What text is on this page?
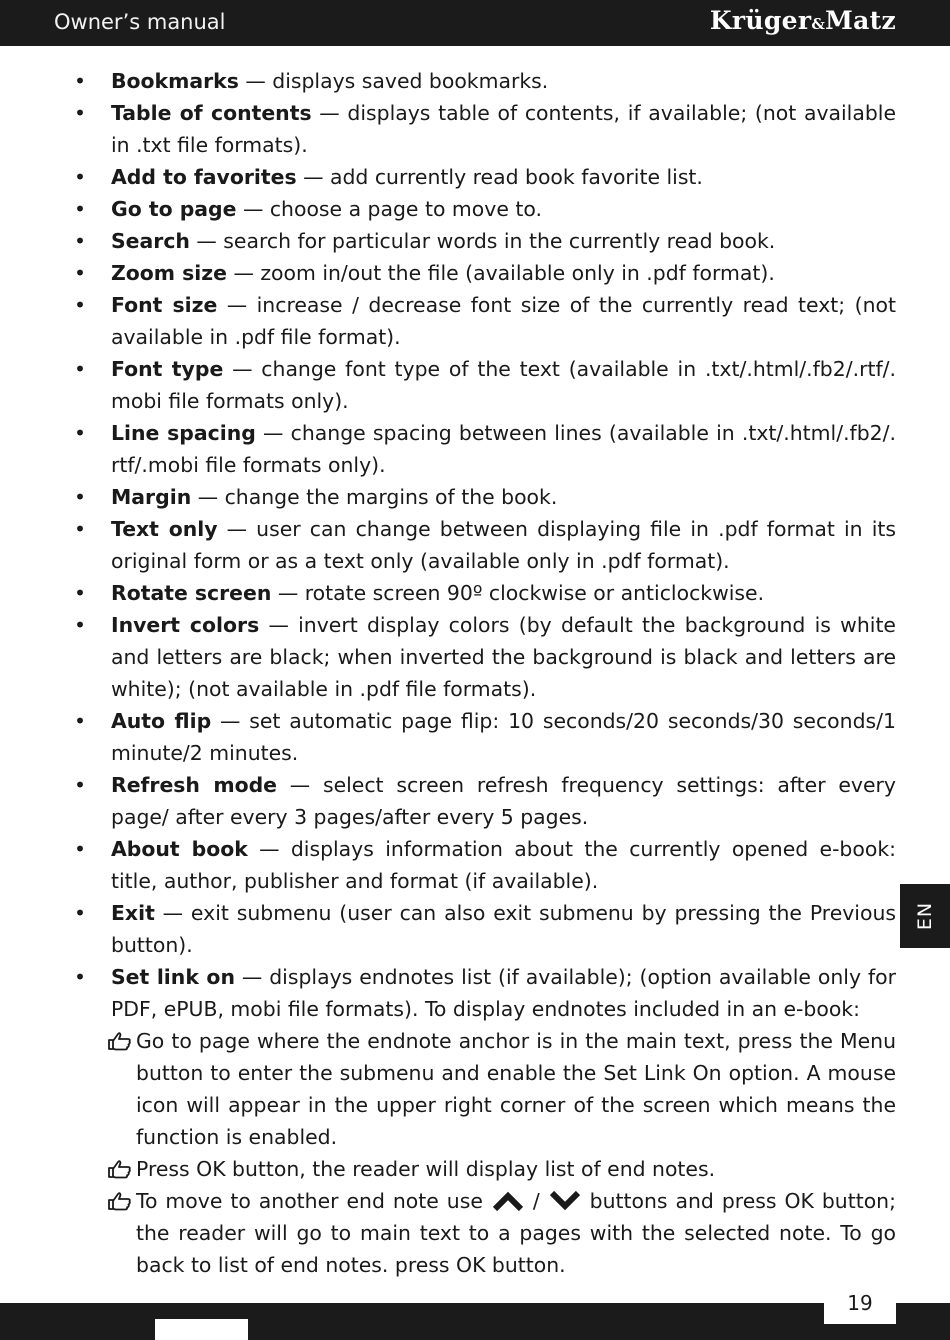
Owner’s manual	Krüger&Matz
• Bookmarks — displays saved bookmarks.
• Table of contents — displays table of contents, if available; (not available in .txt file formats).
• Add to favorites — add currently read book favorite list.
• Go to page — choose a page to move to.
• Search — search for particular words in the currently read book.
• Zoom size — zoom in/out the file (available only in .pdf format).
• Font size — increase / decrease font size of the currently read text; (not available in .pdf file format).
• Font type — change font type of the text (available in .txt/.html/.fb2/.rtf/. mobi file formats only).
• Line spacing — change spacing between lines (available in .txt/.html/.fb2/. rtf/.mobi file formats only).
• Margin — change the margins of the book.
• Text only — user can change between displaying file in .pdf format in its original form or as a text only (available only in .pdf format).
• Rotate screen — rotate screen 90º clockwise or anticlockwise.
• Invert colors — invert display colors (by default the background is white and letters are black; when inverted the background is black and letters are white); (not available in .pdf file formats).
• Auto flip — set automatic page flip: 10 seconds/20 seconds/30 seconds/1 minute/2 minutes.
• Refresh mode — select screen refresh frequency settings: after every page/ after every 3 pages/after every 5 pages.
• About book — displays information about the currently opened e-book: title, author, publisher and format (if available).
• Exit — exit submenu (user can also exit submenu by pressing the Previous button).
• Set link on — displays endnotes list (if available); (option available only for PDF, ePUB, mobi file formats). To display endnotes included in an e-book:
Go to page where the endnote anchor is in the main text, press the Menu button to enter the submenu and enable the Set Link On option. A mouse icon will appear in the upper right corner of the screen which means the function is enabled.
Press OK button, the reader will display list of end notes.
To move to another end note use  /  buttons and press OK button; the reader will go to main text to a pages with the selected note. To go back to list of end notes. press OK button.
EN
19
